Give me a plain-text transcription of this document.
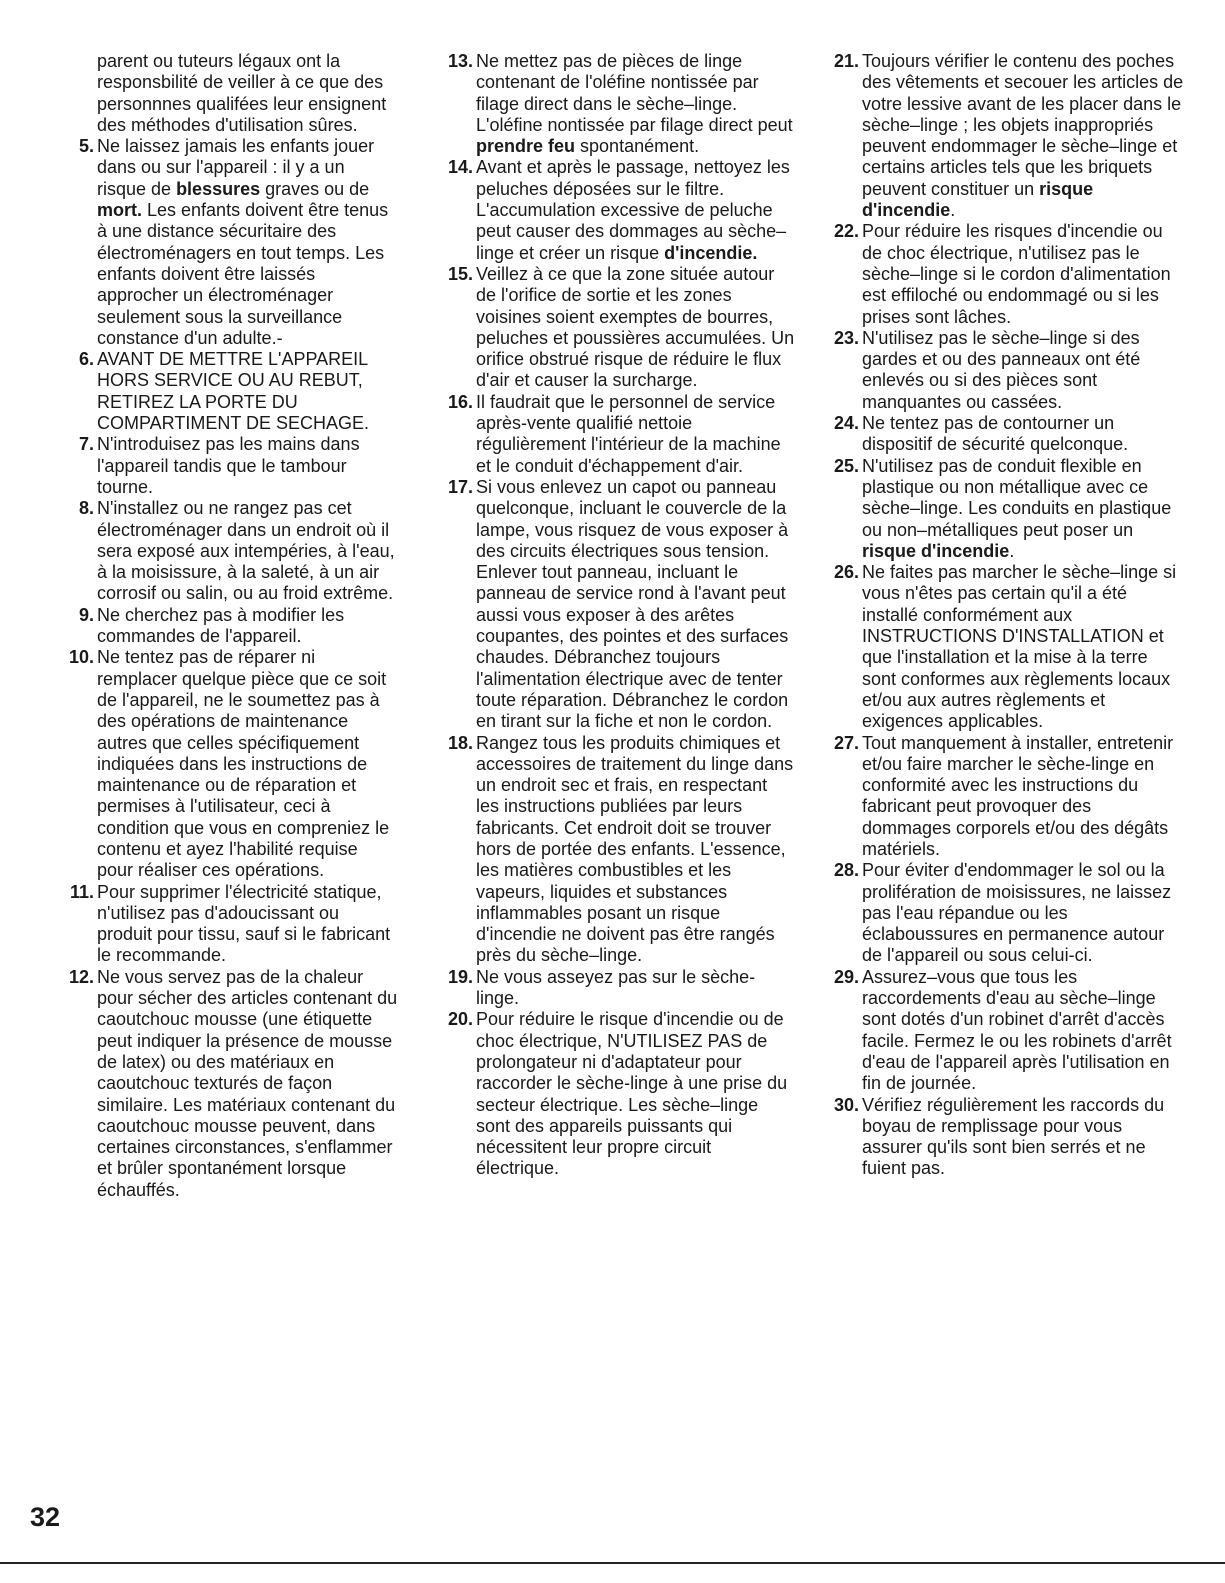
parent ou tuteurs légaux ont la responsbilité de veiller à ce que des personnnes qualifées leur ensignent des méthodes d'utilisation sûres.
5. Ne laissez jamais les enfants jouer dans ou sur l'appareil : il y a un risque de blessures graves ou de mort. Les enfants doivent être tenus à une distance sécuritaire des électroménagers en tout temps. Les enfants doivent être laissés approcher un électroménager seulement sous la surveillance constance d'un adulte.-
6. AVANT DE METTRE L'APPAREIL HORS SERVICE OU AU REBUT, RETIREZ LA PORTE DU COMPARTIMENT DE SECHAGE.
7. N'introduisez pas les mains dans l'appareil tandis que le tambour tourne.
8. N'installez ou ne rangez pas cet électroménager dans un endroit où il sera exposé aux intempéries, à l'eau, à la moisissure, à la saleté, à un air corrosif ou salin, ou au froid extrême.
9. Ne cherchez pas à modifier les commandes de l'appareil.
10. Ne tentez pas de réparer ni remplacer quelque pièce que ce soit de l'appareil, ne le soumettez pas à des opérations de maintenance autres que celles spécifiquement indiquées dans les instructions de maintenance ou de réparation et permises à l'utilisateur, ceci à condition que vous en compreniez le contenu et ayez l'habilité requise pour réaliser ces opérations.
11. Pour supprimer l'électricité statique, n'utilisez pas d'adoucissant ou produit pour tissu, sauf si le fabricant le recommande.
12. Ne vous servez pas de la chaleur pour sécher des articles contenant du caoutchouc mousse (une étiquette peut indiquer la présence de mousse de latex) ou des matériaux en caoutchouc texturés de façon similaire. Les matériaux contenant du caoutchouc mousse peuvent, dans certaines circonstances, s'enflammer et brûler spontanément lorsque échauffés.
13. Ne mettez pas de pièces de linge contenant de l'oléfine nontissée par filage direct dans le sèche–linge. L'oléfine nontissée par filage direct peut prendre feu spontanément.
14. Avant et après le passage, nettoyez les peluches déposées sur le filtre. L'accumulation excessive de peluche peut causer des dommages au sèche–linge et créer un risque d'incendie.
15. Veillez à ce que la zone située autour de l'orifice de sortie et les zones voisines soient exemptes de bourres, peluches et poussières accumulées. Un orifice obstrué risque de réduire le flux d'air et causer la surcharge.
16. Il faudrait que le personnel de service après-vente qualifié nettoie régulièrement l'intérieur de la machine et le conduit d'échappement d'air.
17. Si vous enlevez un capot ou panneau quelconque, incluant le couvercle de la lampe, vous risquez de vous exposer à des circuits électriques sous tension. Enlever tout panneau, incluant le panneau de service rond à l'avant peut aussi vous exposer à des arêtes coupantes, des pointes et des surfaces chaudes. Débranchez toujours l'alimentation électrique avec de tenter toute réparation. Débranchez le cordon en tirant sur la fiche et non le cordon.
18. Rangez tous les produits chimiques et accessoires de traitement du linge dans un endroit sec et frais, en respectant les instructions publiées par leurs fabricants. Cet endroit doit se trouver hors de portée des enfants. L'essence, les matières combustibles et les vapeurs, liquides et substances inflammables posant un risque d'incendie ne doivent pas être rangés près du sèche–linge.
19. Ne vous asseyez pas sur le sèche-linge.
20. Pour réduire le risque d'incendie ou de choc électrique, N'UTILISEZ PAS de prolongateur ni d'adaptateur pour raccorder le sèche-linge à une prise du secteur électrique. Les sèche–linge sont des appareils puissants qui nécessitent leur propre circuit électrique.
21. Toujours vérifier le contenu des poches des vêtements et secouer les articles de votre lessive avant de les placer dans le sèche–linge ; les objets inappropriés peuvent endommager le sèche–linge et certains articles tels que les briquets peuvent constituer un risque d'incendie.
22. Pour réduire les risques d'incendie ou de choc électrique, n'utilisez pas le sèche–linge si le cordon d'alimentation est effiloché ou endommagé ou si les prises sont lâches.
23. N'utilisez pas le sèche–linge si des gardes et ou des panneaux ont été enlevés ou si des pièces sont manquantes ou cassées.
24. Ne tentez pas de contourner un dispositif de sécurité quelconque.
25. N'utilisez pas de conduit flexible en plastique ou non métallique avec ce sèche–linge. Les conduits en plastique ou non–métalliques peut poser un risque d'incendie.
26. Ne faites pas marcher le sèche–linge si vous n'êtes pas certain qu'il a été installé conformément aux INSTRUCTIONS D'INSTALLATION et que l'installation et la mise à la terre sont conformes aux règlements locaux et/ou aux autres règlements et exigences applicables.
27. Tout manquement à installer, entretenir et/ou faire marcher le sèche-linge en conformité avec les instructions du fabricant peut provoquer des dommages corporels et/ou des dégâts matériels.
28. Pour éviter d'endommager le sol ou la prolifération de moisissures, ne laissez pas l'eau répandue ou les éclaboussures en permanence autour de l'appareil ou sous celui-ci.
29. Assurez–vous que tous les raccordements d'eau au sèche–linge sont dotés d'un robinet d'arrêt d'accès facile. Fermez le ou les robinets d'arrêt d'eau de l'appareil après l'utilisation en fin de journée.
30. Vérifiez régulièrement les raccords du boyau de remplissage pour vous assurer qu'ils sont bien serrés et ne fuient pas.
32
